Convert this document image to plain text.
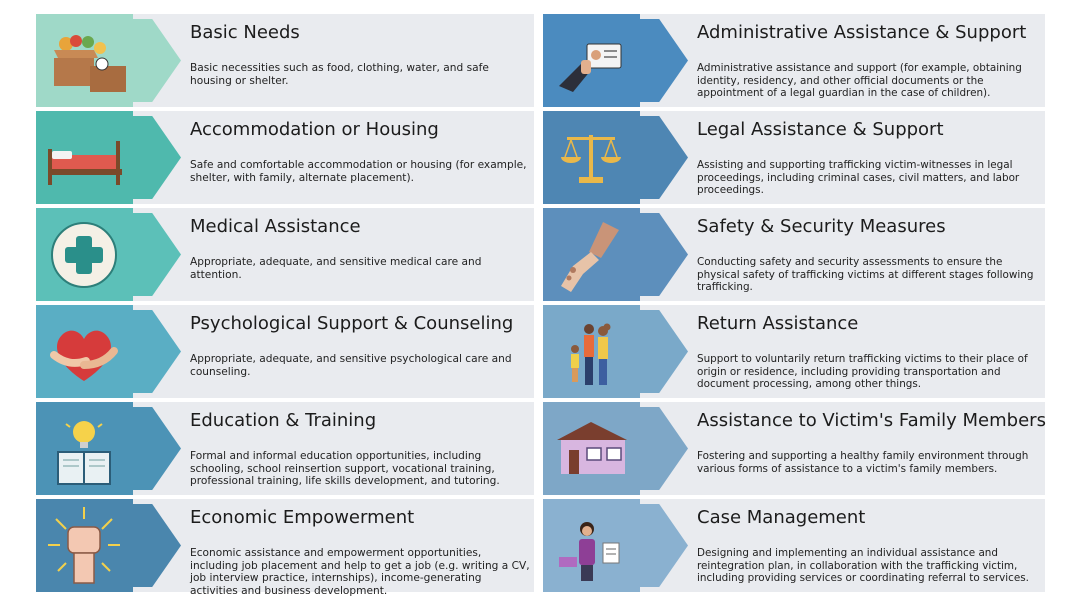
Basic Needs
Basic necessities such as food, clothing, water, and safe housing or shelter.
Accommodation or Housing
Safe and comfortable accommodation or housing (for example, shelter, with family, alternate placement).
Medical Assistance
Appropriate, adequate, and sensitive medical care and attention.
Psychological Support & Counseling
Appropriate, adequate, and sensitive psychological care and counseling.
Education & Training
Formal and informal education opportunities, including schooling, school reinsertion support, vocational training, professional training, life skills development, and tutoring.
Economic Empowerment
Economic assistance and empowerment opportunities, including job placement and help to get a job (e.g. writing a CV, job interview practice, internships), income-generating activities and business development.
Administrative Assistance & Support
Administrative assistance and support (for example, obtaining identity, residency, and other official documents or the appointment of a legal guardian in the case of children).
Legal Assistance & Support
Assisting and supporting trafficking victim-witnesses in legal proceedings, including criminal cases, civil matters, and labor proceedings.
Safety & Security Measures
Conducting safety and security assessments to ensure the physical safety of trafficking victims at different stages following trafficking.
Return Assistance
Support to voluntarily return trafficking victims to their place of origin or residence, including providing transportation and document processing, among other things.
Assistance to Victim's Family Members
Fostering and supporting a healthy family environment through various forms of assistance to a victim's family members.
Case Management
Designing and implementing an individual assistance and reintegration plan, in collaboration with the trafficking victim, including providing services or coordinating referral to services.
